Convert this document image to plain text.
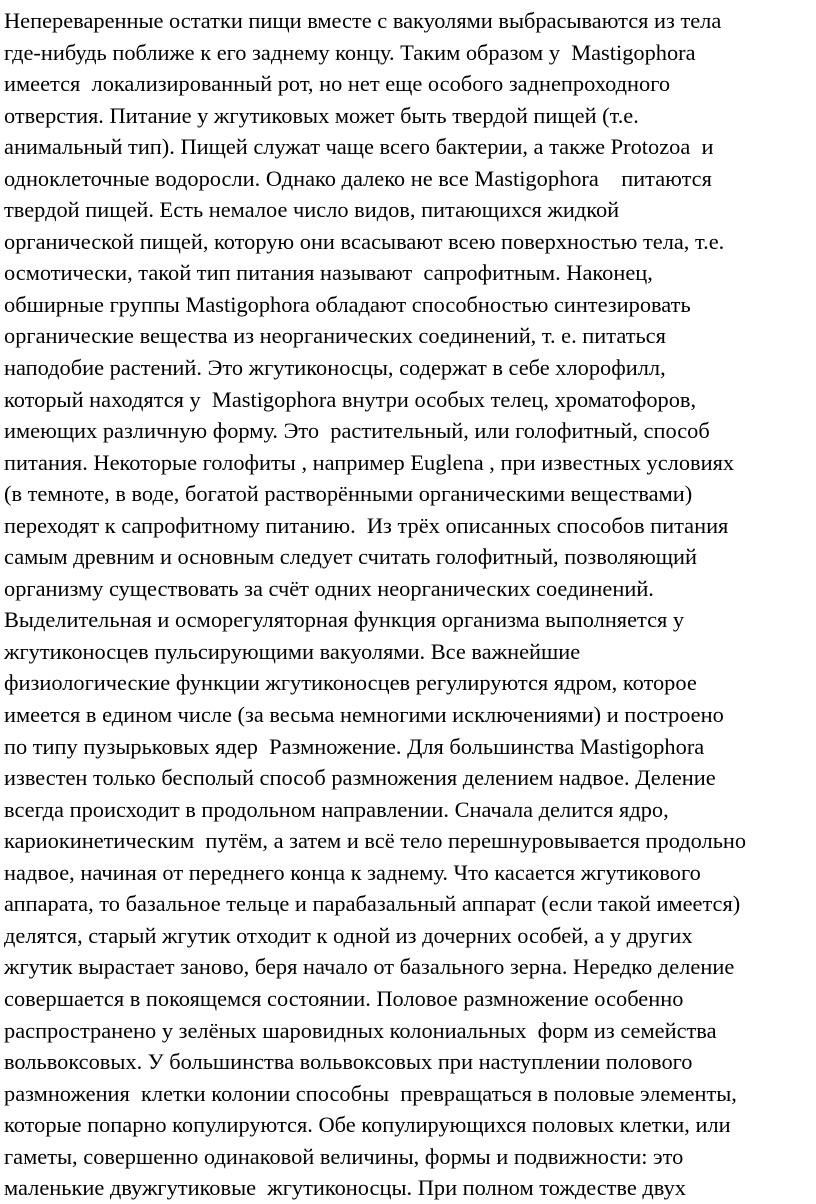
Непереваренные остатки пищи вместе с вакуолями выбрасываются из тела
где-нибудь поближе к его заднему концу. Таким образом у  Mastigophora
имеется  локализированный рот, но нет еще особого заднепроходного
отверстия. Питание у жгутиковых может быть твердой пищей (т.е.
анимальный тип). Пищей служат чаще всего бактерии, а также Protozoa  и
одноклеточные водоросли. Однако далеко не все Mastigophora    питаются
твердой пищей. Есть немалое число видов, питающихся жидкой
органической пищей, которую они всасывают всею поверхностью тела, т.е.
осмотически, такой тип питания называют  сапрофитным. Наконец,
обширные группы Mastigophora обладают способностью синтезировать
органические вещества из неорганических соединений, т. е. питаться
наподобие растений. Это жгутиконосцы, содержат в себе хлорофилл,
который находятся у  Mastigophora внутри особых телец, хроматофоров,
имеющих различную форму. Это  растительный, или голофитный, способ
питания. Некоторые голофиты , например Euglena , при известных условиях
(в темноте, в воде, богатой растворёнными органическими веществами)
переходят к сапрофитному питанию.  Из трёх описанных способов питания
самым древним и основным следует считать голофитный, позволяющий
организму существовать за счёт одних неорганических соединений.
Выделительная и осморегуляторная функция организма выполняется у
жгутиконосцев пульсирующими вакуолями. Все важнейшие
физиологические функции жгутиконосцев регулируются ядром, которое
имеется в едином числе (за весьма немногими исключениями) и построено
по типу пузырьковых ядер  Размножение. Для большинства Mastigophora
известен только бесполый способ размножения делением надвое. Деление
всегда происходит в продольном направлении. Сначала делится ядро,
кариокинетическим  путём, а затем и всё тело перешнуровывается продольно
надвое, начиная от переднего конца к заднему. Что касается жгутикового
аппарата, то базальное тельце и парабазальный аппарат (если такой имеется)
делятся, старый жгутик отходит к одной из дочерних особей, а у других
жгутик вырастает заново, беря начало от базального зерна. Нередко деление
совершается в покоящемся состоянии. Половое размножение особенно
распространено у зелёных шаровидных колониальных  форм из семейства
вольвоксовых. У большинства вольвоксовых при наступлении полового
размножения  клетки колонии способны  превращаться в половые элементы,
которые попарно копулируются. Обе копулирующихся половых клетки, или
гаметы, совершенно одинаковой величины, формы и подвижности: это
маленькие двужгутиковые  жгутиконосцы. При полном тождестве двух
